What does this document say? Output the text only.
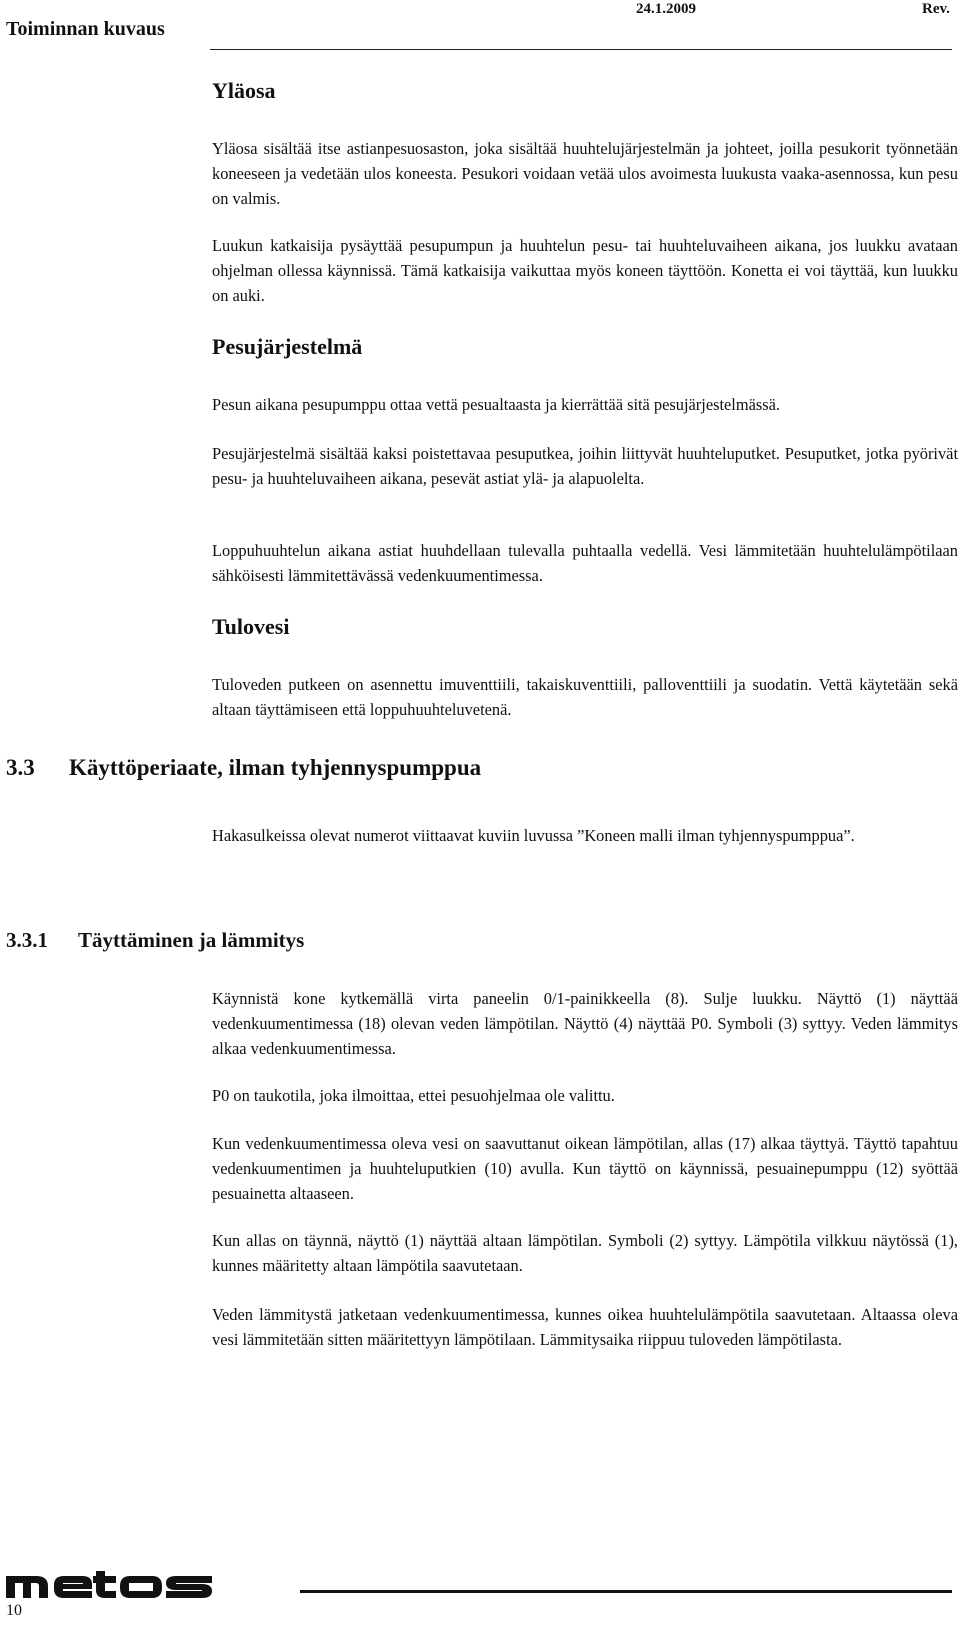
Toiminnan kuvaus
24.1.2009	Rev.
Yläosa
Yläosa sisältää itse astianpesuosaston, joka sisältää huuhtelujärjestelmän ja johteet, joilla pesukorit työnnetään koneeseen ja vedetään ulos koneesta. Pesukori voidaan vetää ulos avoimesta luukusta vaaka-asennossa, kun pesu on valmis.
Luukun katkaisija pysäyttää pesupumpun ja huuhtelun pesu- tai huuhteluvaiheen aikana, jos luukku avataan ohjelman ollessa käynnissä. Tämä katkaisija vaikuttaa myös koneen täyttöön. Konetta ei voi täyttää, kun luukku on auki.
Pesujärjestelmä
Pesun aikana pesupumppu ottaa vettä pesualtaasta ja kierrättää sitä pesujärjestelmässä.
Pesujärjestelmä sisältää kaksi poistettavaa pesuputkea, joihin liittyvät huuhteluputket. Pesuputket, jotka pyörivät pesu- ja huuhteluvaiheen aikana, pesevät astiat ylä- ja alapuolelta.
Loppuhuuhtelun aikana astiat huuhdellaan tulevalla puhtaalla vedellä. Vesi lämmitetään huuhtelulämpötilaan sähköisesti lämmitettävässä vedenkuumentimessa.
Tulovesi
Tuloveden putkeen on asennettu imuventtiili, takaiskuventtiili, palloventtiili ja suodatin. Vettä käytetään sekä altaan täyttämiseen että loppuhuuhteluvetenä.
3.3 Käyttöperiaate, ilman tyhjennyspumppua
Hakasulkeissa olevat numerot viittaavat kuviin luvussa ”Koneen malli ilman tyhjennyspumppua”.
3.3.1 Täyttäminen ja lämmitys
Käynnistä kone kytkemällä virta paneelin 0/1-painikkeella (8). Sulje luukku. Näyttö (1) näyttää vedenkuumentimessa (18) olevan veden lämpötilan. Näyttö (4) näyttää P0. Symboli (3) syttyy. Veden lämmitys alkaa vedenkuumentimessa.
P0 on taukotila, joka ilmoittaa, ettei pesuohjelmaa ole valittu.
Kun vedenkuumentimessa oleva vesi on saavuttanut oikean lämpötilan, allas (17) alkaa täyttyä. Täyttö tapahtuu vedenkuumentimen ja huuhteluputkien (10) avulla. Kun täyttö on käynnissä, pesuainepumppu (12) syöttää pesuainetta altaaseen.
Kun allas on täynnä, näyttö (1) näyttää altaan lämpötilan. Symboli (2) syttyy. Lämpötila vilkkuu näytössä (1), kunnes määritetty altaan lämpötila saavutetaan.
Veden lämmitystä jatketaan vedenkuumentimessa, kunnes oikea huuhtelulämpötila saavutetaan. Altaassa oleva vesi lämmitetään sitten määritettyyn lämpötilaan. Lämmitysaika riippuu tuloveden lämpötilasta.
10
